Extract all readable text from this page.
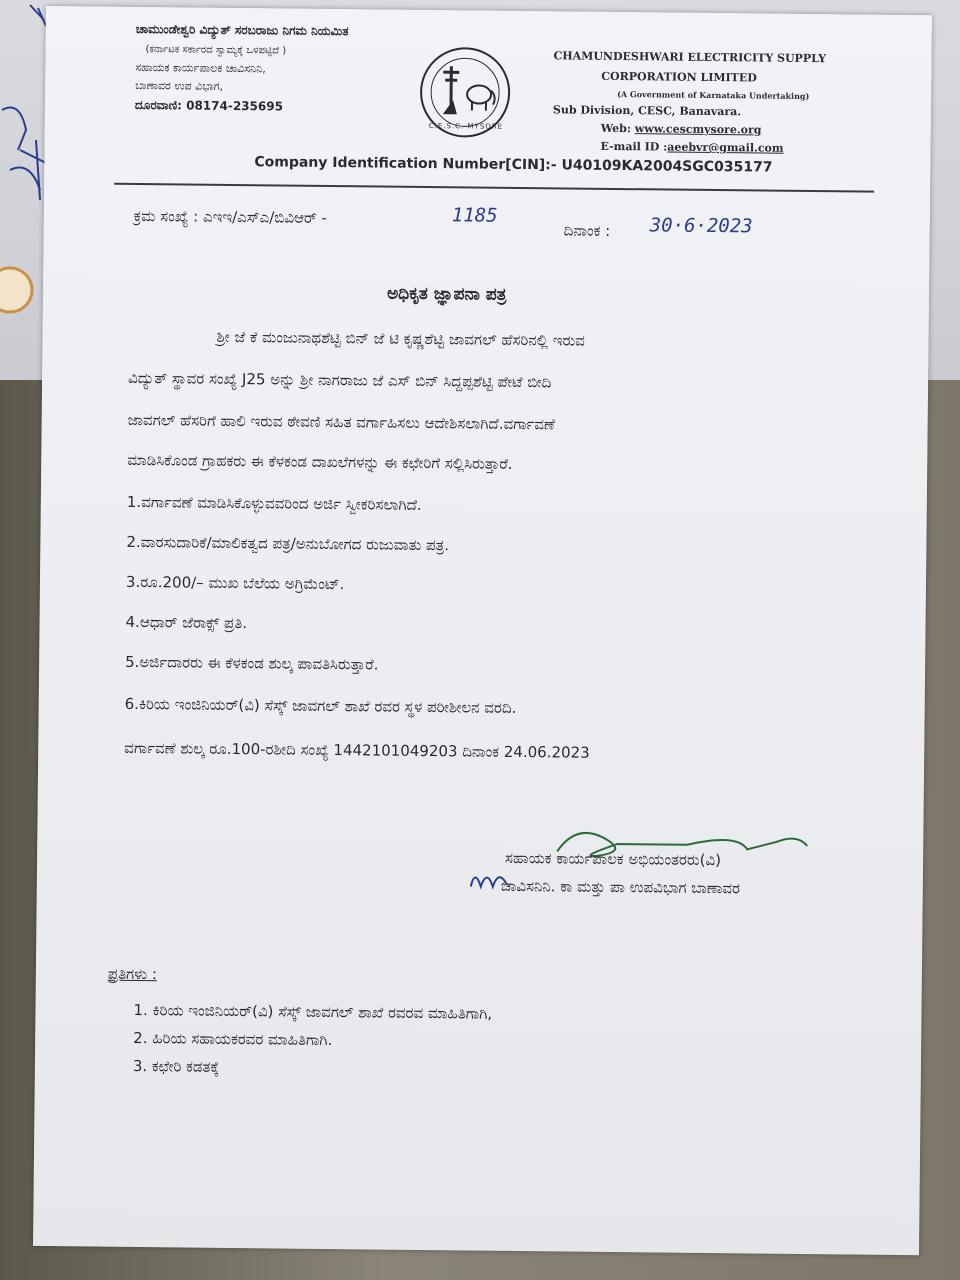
ಚಾಮುಂಡೇಶ್ವರಿ ವಿದ್ಯುತ್ ಸರಬರಾಜು ನಿಗಮ ನಿಯಮಿತ
(ಕರ್ನಾಟಕ ಸರ್ಕಾರದ ಸ್ವಾಮ್ಯಕ್ಕೆ ಒಳಪಟ್ಟಿದೆ )
ಸಹಾಯಕ ಕಾರ್ಯಪಾಲಕ ಚಾವಿಸನಿನಿ,
ಬಾಣಾವರ ಉಪ ವಿಭಾಗ,
ದೂರವಾಣಿ: 08174-235695
C.E.S.C. MYSORE
CHAMUNDESHWARI ELECTRICITY SUPPLY
CORPORATION LIMITED
(A Government of Karnataka Undertaking)
Sub Division, CESC, Banavara.
Web: www.cescmysore.org
E-mail ID :aeebvr@gmail.com
Company Identification Number[CIN]:- U40109KA2004SGC035177
ಕ್ರಮ ಸಂಖ್ಯೆ : ಎಇಇ/ಎಸ್ಎ/ಬಿವಿಆರ್ -	1185
ದಿನಾಂಕ : 30·6·2023
ಅಧಿಕೃತ ಜ್ಞಾಪನಾ ಪತ್ರ
ಶ್ರೀ ಜೆ ಕೆ ಮಂಜುನಾಥಶೆಟ್ಟಿ ಬಿನ್ ಜೆ ಟಿ ಕೃಷ್ಣಶೆಟ್ಟಿ ಜಾವಗಲ್ ಹೆಸರಿನಲ್ಲಿ ಇರುವ
ವಿದ್ಯುತ್ ಸ್ಥಾವರ ಸಂಖ್ಯೆ J25 ಅನ್ನು ಶ್ರೀ ನಾಗರಾಜು ಜೆ ಎಸ್ ಬಿನ್ ಸಿದ್ದಪ್ಪಶೆಟ್ಟಿ ಪೇಟೆ ಬೀದಿ
ಜಾವಗಲ್ ಹೆಸರಿಗೆ ಹಾಲಿ ಇರುವ ಠೇವಣಿ ಸಹಿತ ವರ್ಗಾಹಿಸಲು ಆದೇಶಿಸಲಾಗಿದೆ.ವರ್ಗಾವಣೆ
ಮಾಡಿಸಿಕೊಂಡ ಗ್ರಾಹಕರು ಈ ಕೆಳಕಂಡ ದಾಖಲೆಗಳನ್ನು ಈ ಕಛೇರಿಗೆ ಸಲ್ಲಿಸಿರುತ್ತಾರೆ.
1.ವರ್ಗಾವಣೆ ಮಾಡಿಸಿಕೊಳ್ಳುವವರಿಂದ ಅರ್ಜಿ ಸ್ವೀಕರಿಸಲಾಗಿದೆ.
2.ವಾರಸುದಾರಿಕೆ/ಮಾಲಿಕತ್ವದ ಪತ್ರ/ಅನುಬೋಗದ ರುಜುವಾತು ಪತ್ರ.
3.ರೂ.200/– ಮುಖ ಬೆಲೆಯ ಅಗ್ರಿಮೆಂಟ್.
4.ಆಧಾರ್ ಜೆರಾಕ್ಸ್ ಪ್ರತಿ.
5.ಅರ್ಜಿದಾರರು ಈ ಕೆಳಕಂಡ ಶುಲ್ಕ ಪಾವತಿಸಿರುತ್ತಾರೆ.
6.ಕಿರಿಯ ಇಂಜಿನಿಯರ್(ವಿ) ಸೆಸ್ಕ್ ಜಾವಗಲ್ ಶಾಖೆ ರವರ ಸ್ಥಳ ಪರೀಶೀಲನ ವರದಿ.
ವರ್ಗಾವಣೆ ಶುಲ್ಕ ರೂ.100-ರಶೀದಿ ಸಂಖ್ಯೆ 1442101049203 ದಿನಾಂಕ 24.06.2023
ಸಹಾಯಕ ಕಾರ್ಯಪಾಲಕ ಅಭಿಯಂತರರು(ವಿ)
ಚಾವಿಸನಿನಿ. ಕಾ ಮತ್ತು ಪಾ ಉಪವಿಭಾಗ ಬಾಣಾವರ
ಪ್ರತಿಗಳು :
1. ಕಿರಿಯ ಇಂಜಿನಿಯರ್(ವಿ) ಸೆಸ್ಕ್ ಜಾವಗಲ್ ಶಾಖೆ ರವರವ ಮಾಹಿತಿಗಾಗಿ,
2. ಹಿರಿಯ ಸಹಾಯಕರವರ ಮಾಹಿತಿಗಾಗಿ.
3. ಕಛೇರಿ ಕಡತಕ್ಕೆ
